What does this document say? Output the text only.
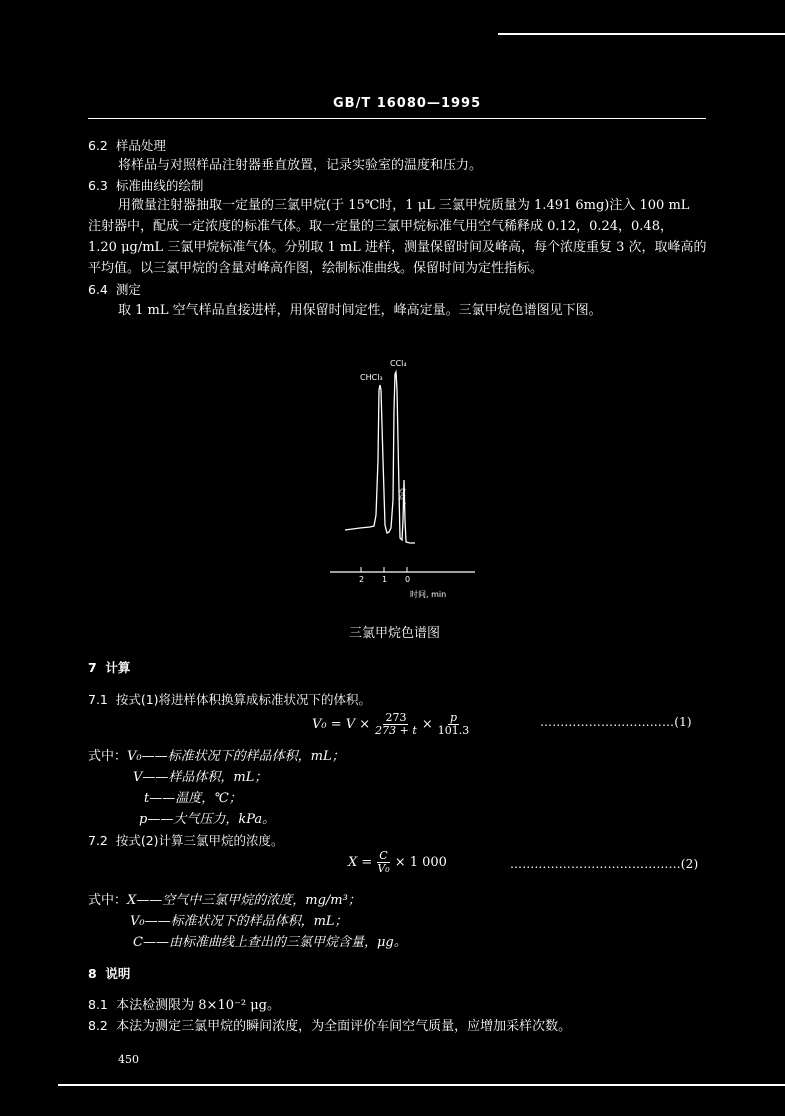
GB/T 16080—1995
6.2 样品处理
将样品与对照样品注射器垂直放置，记录实验室的温度和压力。
6.3 标准曲线的绘制
用微量注射器抽取一定量的三氯甲烷(于 15℃时，1 μL 三氯甲烷质量为 1.491 6mg)注入 100 mL
注射器中，配成一定浓度的标准气体。取一定量的三氯甲烷标准气用空气稀释成 0.12，0.24，0.48，
1.20 μg/mL 三氯甲烷标准气体。分别取 1 mL 进样，测量保留时间及峰高，每个浓度重复 3 次，取峰高的
平均值。以三氯甲烷的含量对峰高作图，绘制标准曲线。保留时间为定性指标。
6.4 测定
取 1 mL 空气样品直接进样，用保留时间定性，峰高定量。三氯甲烷色谱图见下图。
CHCl₃
CCl₄
空气
2 1 0
时间, min
三氯甲烷色谱图
7 计算
7.1 按式(1)将进样体积换算成标准状况下的体积。
$V_0 = V \times \frac{273}{273 + t} \times \frac{p}{101.3}$	……………………………(1)
式中：V₀——标准状况下的样品体积，mL；
V——样品体积，mL；
t——温度，℃；
p——大气压力，kPa。
7.2 按式(2)计算三氯甲烷的浓度。
$X = \frac{C}{\text{V₀}} \times 1$ 000	……………………………………(2)
式中：X——空气中三氯甲烷的浓度，mg/m³；
V₀——标准状况下的样品体积，mL；
C——由标准曲线上查出的三氯甲烷含量，μg。
8 说明
8.1 本法检测限为 8×10⁻² μg。
8.2 本法为测定三氯甲烷的瞬间浓度，为全面评价车间空气质量，应增加采样次数。
450
